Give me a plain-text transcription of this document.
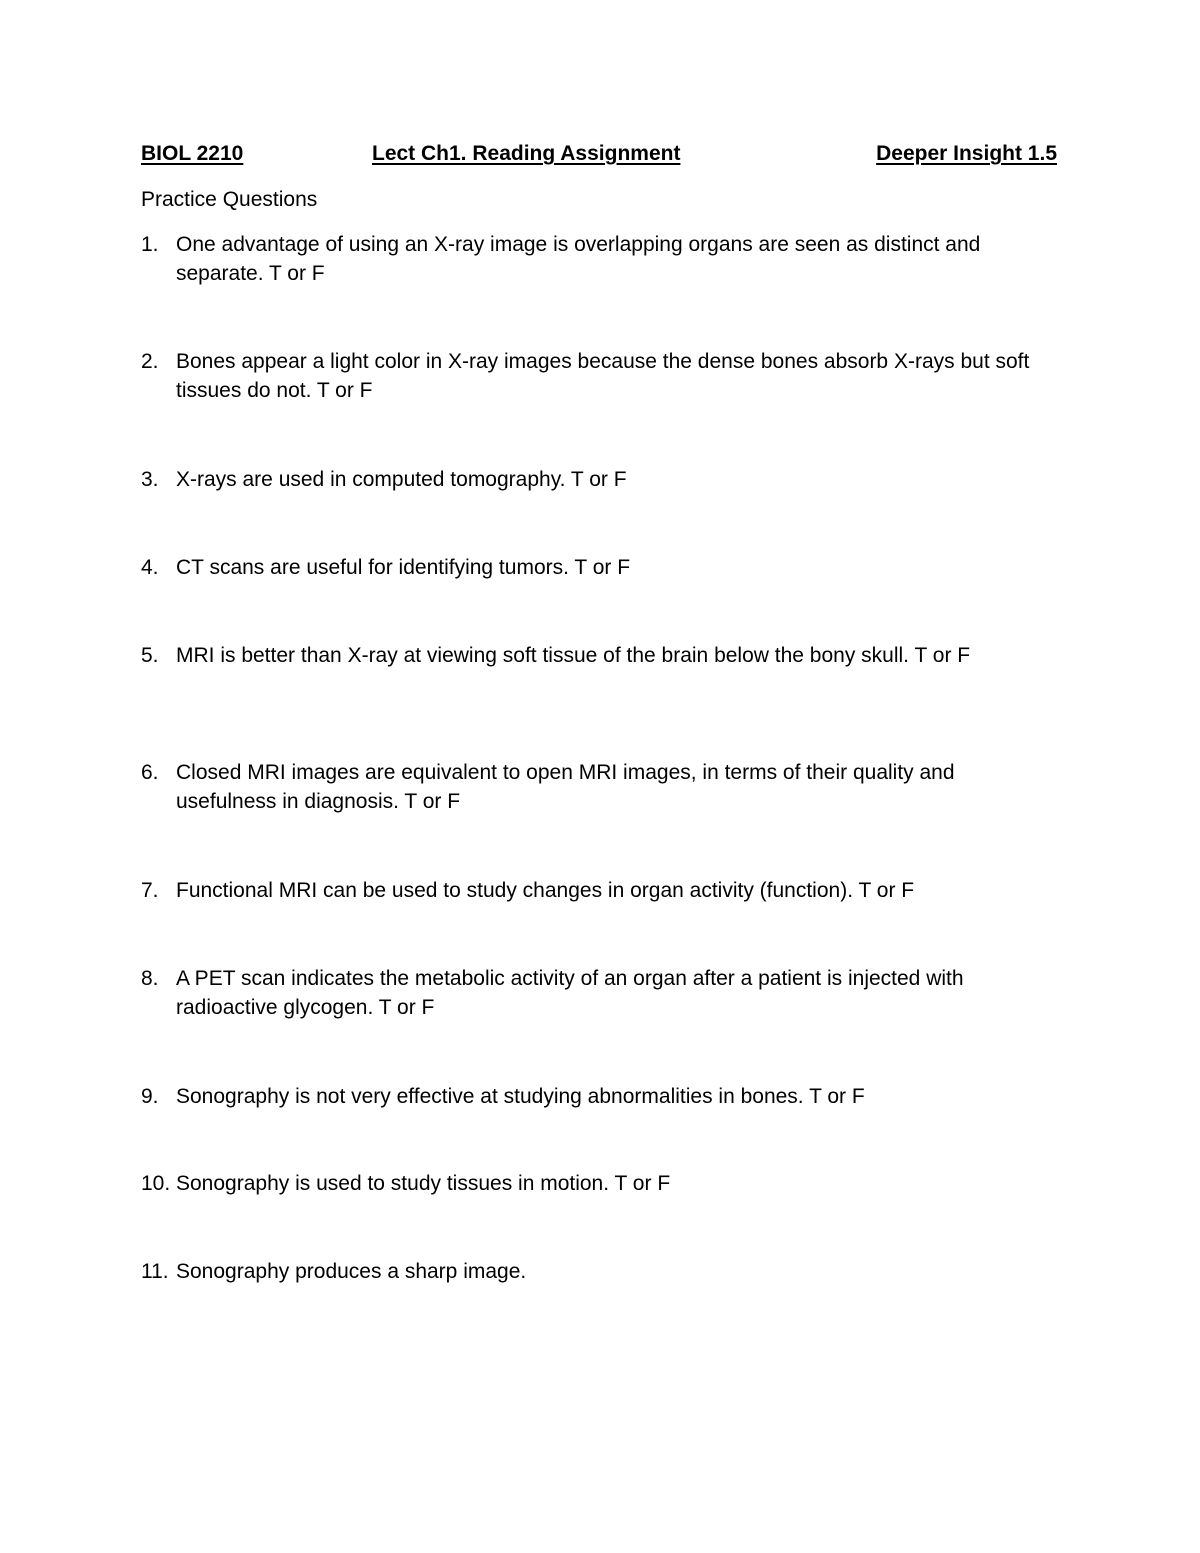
BIOL 2210	Lect Ch1. Reading Assignment	Deeper Insight 1.5
Practice Questions
1. One advantage of using an X-ray image is overlapping organs are seen as distinct and separate. T or F
2. Bones appear a light color in X-ray images because the dense bones absorb X-rays but soft tissues do not. T or F
3. X-rays are used in computed tomography. T or F
4. CT scans are useful for identifying tumors. T or F
5. MRI is better than X-ray at viewing soft tissue of the brain below the bony skull. T or F
6. Closed MRI images are equivalent to open MRI images, in terms of their quality and usefulness in diagnosis. T or F
7. Functional MRI can be used to study changes in organ activity (function). T or F
8. A PET scan indicates the metabolic activity of an organ after a patient is injected with radioactive glycogen. T or F
9. Sonography is not very effective at studying abnormalities in bones. T or F
10. Sonography is used to study tissues in motion. T or F
11. Sonography produces a sharp image.
